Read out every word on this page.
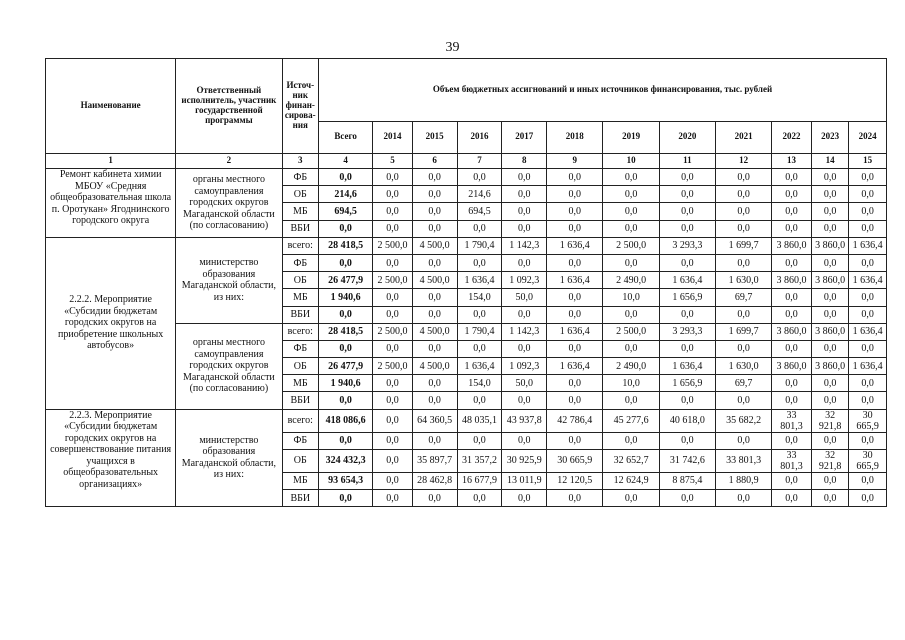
39
Наименование	Ответственный исполнитель, участник государственной программы	Источ-ник финан-сирова-ния	Объем бюджетных ассигнований и иных источников финансирования, тыс. рублей											
			Всего	2014	2015	2016	2017	2018	2019	2020	2021	2022	2023	2024
1	2	3	4	5	6	7	8	9	10	11	12	13	14	15
Ремонт кабинета химии МБОУ «Средняя общеобразовательная школа п. Оротукан» Ягоднинского городского округа	органы местного самоуправления городских округов Магаданской области (по согласованию)	ФБ	0,0	0,0	0,0	0,0	0,0	0,0	0,0	0,0	0,0	0,0	0,0	0,0
		ОБ	214,6	0,0	0,0	214,6	0,0	0,0	0,0	0,0	0,0	0,0	0,0	0,0
		МБ	694,5	0,0	0,0	694,5	0,0	0,0	0,0	0,0	0,0	0,0	0,0	0,0
		ВБИ	0,0	0,0	0,0	0,0	0,0	0,0	0,0	0,0	0,0	0,0	0,0	0,0
2.2.2. Мероприятие «Субсидии бюджетам городских округов на приобретение школьных автобусов»	министерство образования Магаданской области, из них:	всего:	28 418,5	2 500,0	4 500,0	1 790,4	1 142,3	1 636,4	2 500,0	3 293,3	1 699,7	3 860,0	3 860,0	1 636,4
		ФБ	0,0	0,0	0,0	0,0	0,0	0,0	0,0	0,0	0,0	0,0	0,0	0,0
		ОБ	26 477,9	2 500,0	4 500,0	1 636,4	1 092,3	1 636,4	2 490,0	1 636,4	1 630,0	3 860,0	3 860,0	1 636,4
		МБ	1 940,6	0,0	0,0	154,0	50,0	0,0	10,0	1 656,9	69,7	0,0	0,0	0,0
		ВБИ	0,0	0,0	0,0	0,0	0,0	0,0	0,0	0,0	0,0	0,0	0,0	0,0
	органы местного самоуправления городских округов Магаданской области (по согласованию)	всего:	28 418,5	2 500,0	4 500,0	1 790,4	1 142,3	1 636,4	2 500,0	3 293,3	1 699,7	3 860,0	3 860,0	1 636,4
		ФБ	0,0	0,0	0,0	0,0	0,0	0,0	0,0	0,0	0,0	0,0	0,0	0,0
		ОБ	26 477,9	2 500,0	4 500,0	1 636,4	1 092,3	1 636,4	2 490,0	1 636,4	1 630,0	3 860,0	3 860,0	1 636,4
		МБ	1 940,6	0,0	0,0	154,0	50,0	0,0	10,0	1 656,9	69,7	0,0	0,0	0,0
		ВБИ	0,0	0,0	0,0	0,0	0,0	0,0	0,0	0,0	0,0	0,0	0,0	0,0
2.2.3. Мероприятие «Субсидии бюджетам городских округов на совершенствование питания учащихся в общеобразовательных организациях»	министерство образования Магаданской области, из них:	всего:	418 086,6	0,0	64 360,5	48 035,1	43 937,8	42 786,4	45 277,6	40 618,0	35 682,2	33 801,3	32 921,8	30 665,9
		ФБ	0,0	0,0	0,0	0,0	0,0	0,0	0,0	0,0	0,0	0,0	0,0	0,0
		ОБ	324 432,3	0,0	35 897,7	31 357,2	30 925,9	30 665,9	32 652,7	31 742,6	33 801,3	33 801,3	32 921,8	30 665,9
		МБ	93 654,3	0,0	28 462,8	16 677,9	13 011,9	12 120,5	12 624,9	8 875,4	1 880,9	0,0	0,0	0,0
		ВБИ	0,0	0,0	0,0	0,0	0,0	0,0	0,0	0,0	0,0	0,0	0,0	0,0
